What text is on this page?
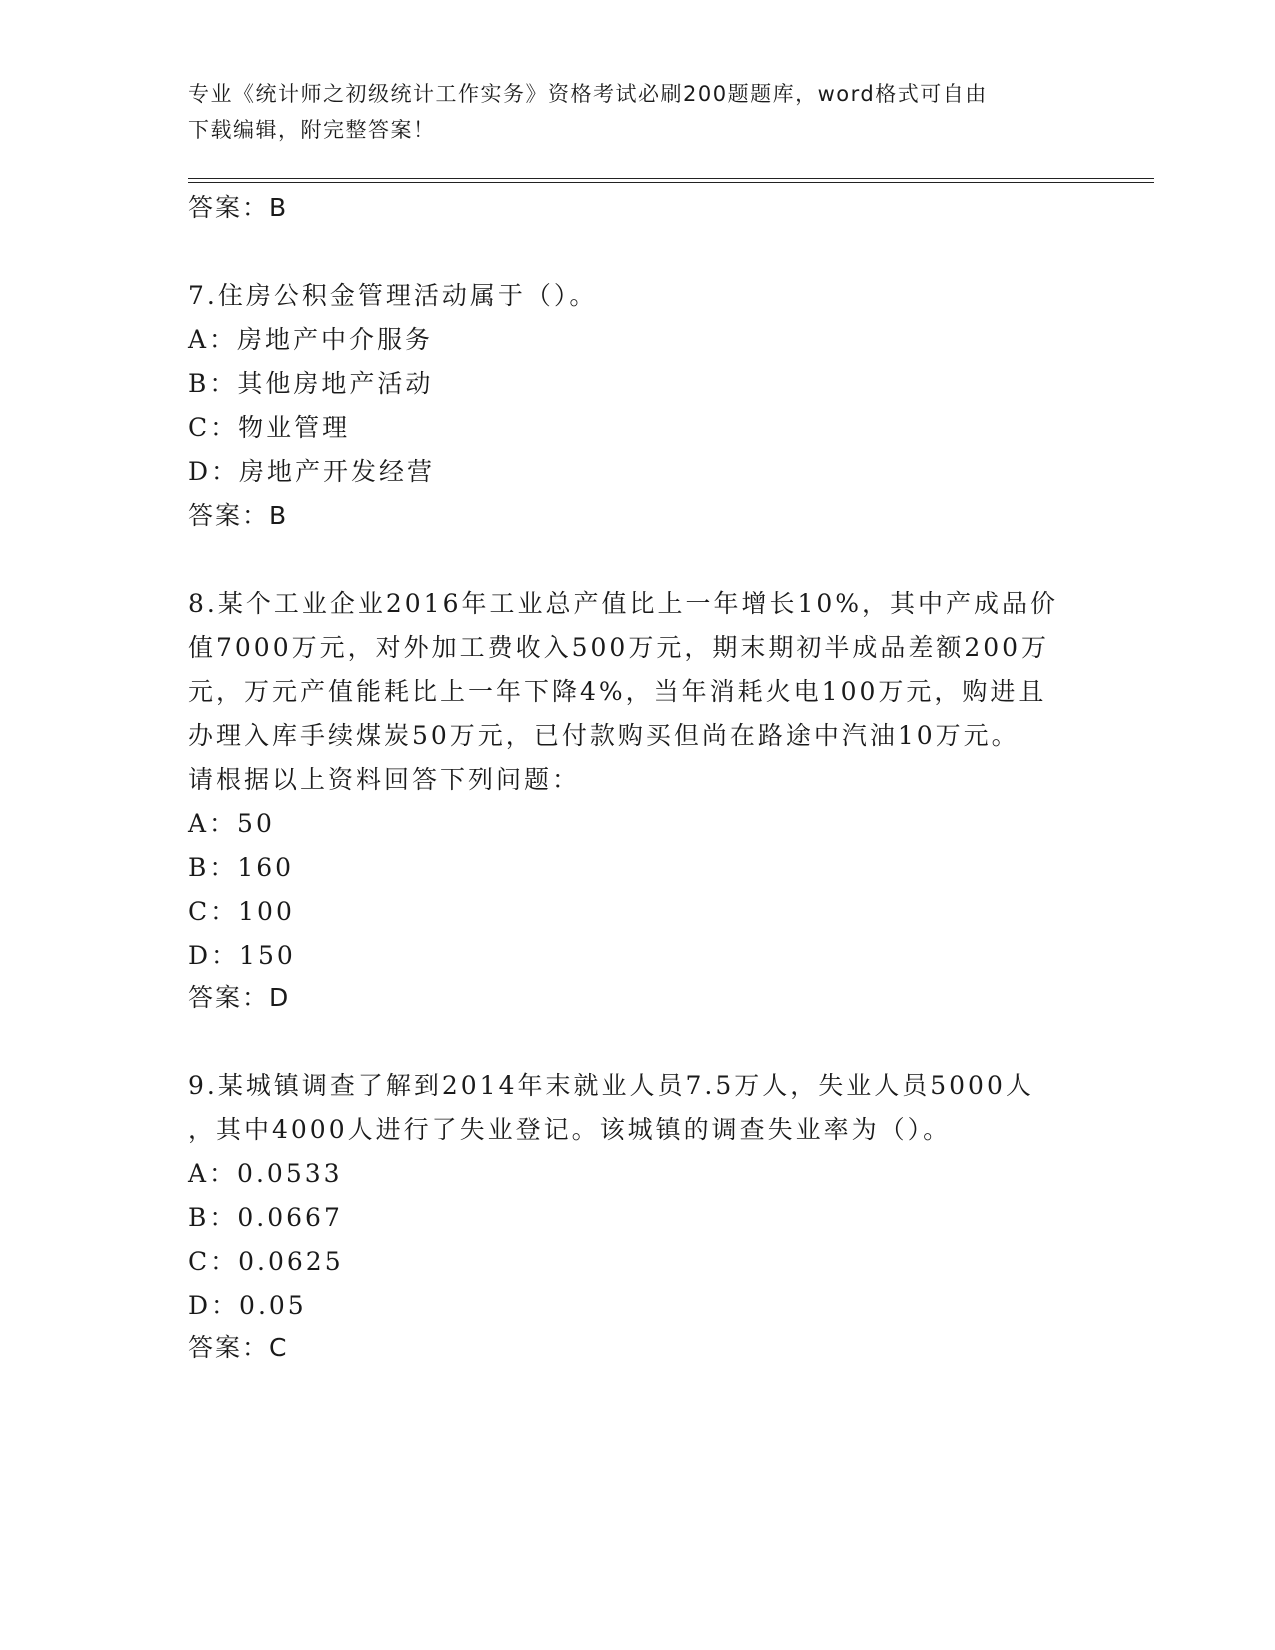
专业《统计师之初级统计工作实务》资格考试必刷200题题库，word格式可自由
下载编辑，附完整答案！
答案：B
7.住房公积金管理活动属于（）。
A：房地产中介服务
B：其他房地产活动
C：物业管理
D：房地产开发经营
答案：B
8.某个工业企业2016年工业总产值比上一年增长10%，其中产成品价
值7000万元，对外加工费收入500万元，期末期初半成品差额200万
元，万元产值能耗比上一年下降4%，当年消耗火电100万元，购进且
办理入库手续煤炭50万元，已付款购买但尚在路途中汽油10万元。
请根据以上资料回答下列问题：
A：50
B：160
C：100
D：150
答案：D
9.某城镇调查了解到2014年末就业人员7.5万人，失业人员5000人
，其中4000人进行了失业登记。该城镇的调查失业率为（）。
A：0.0533
B：0.0667
C：0.0625
D：0.05
答案：C
